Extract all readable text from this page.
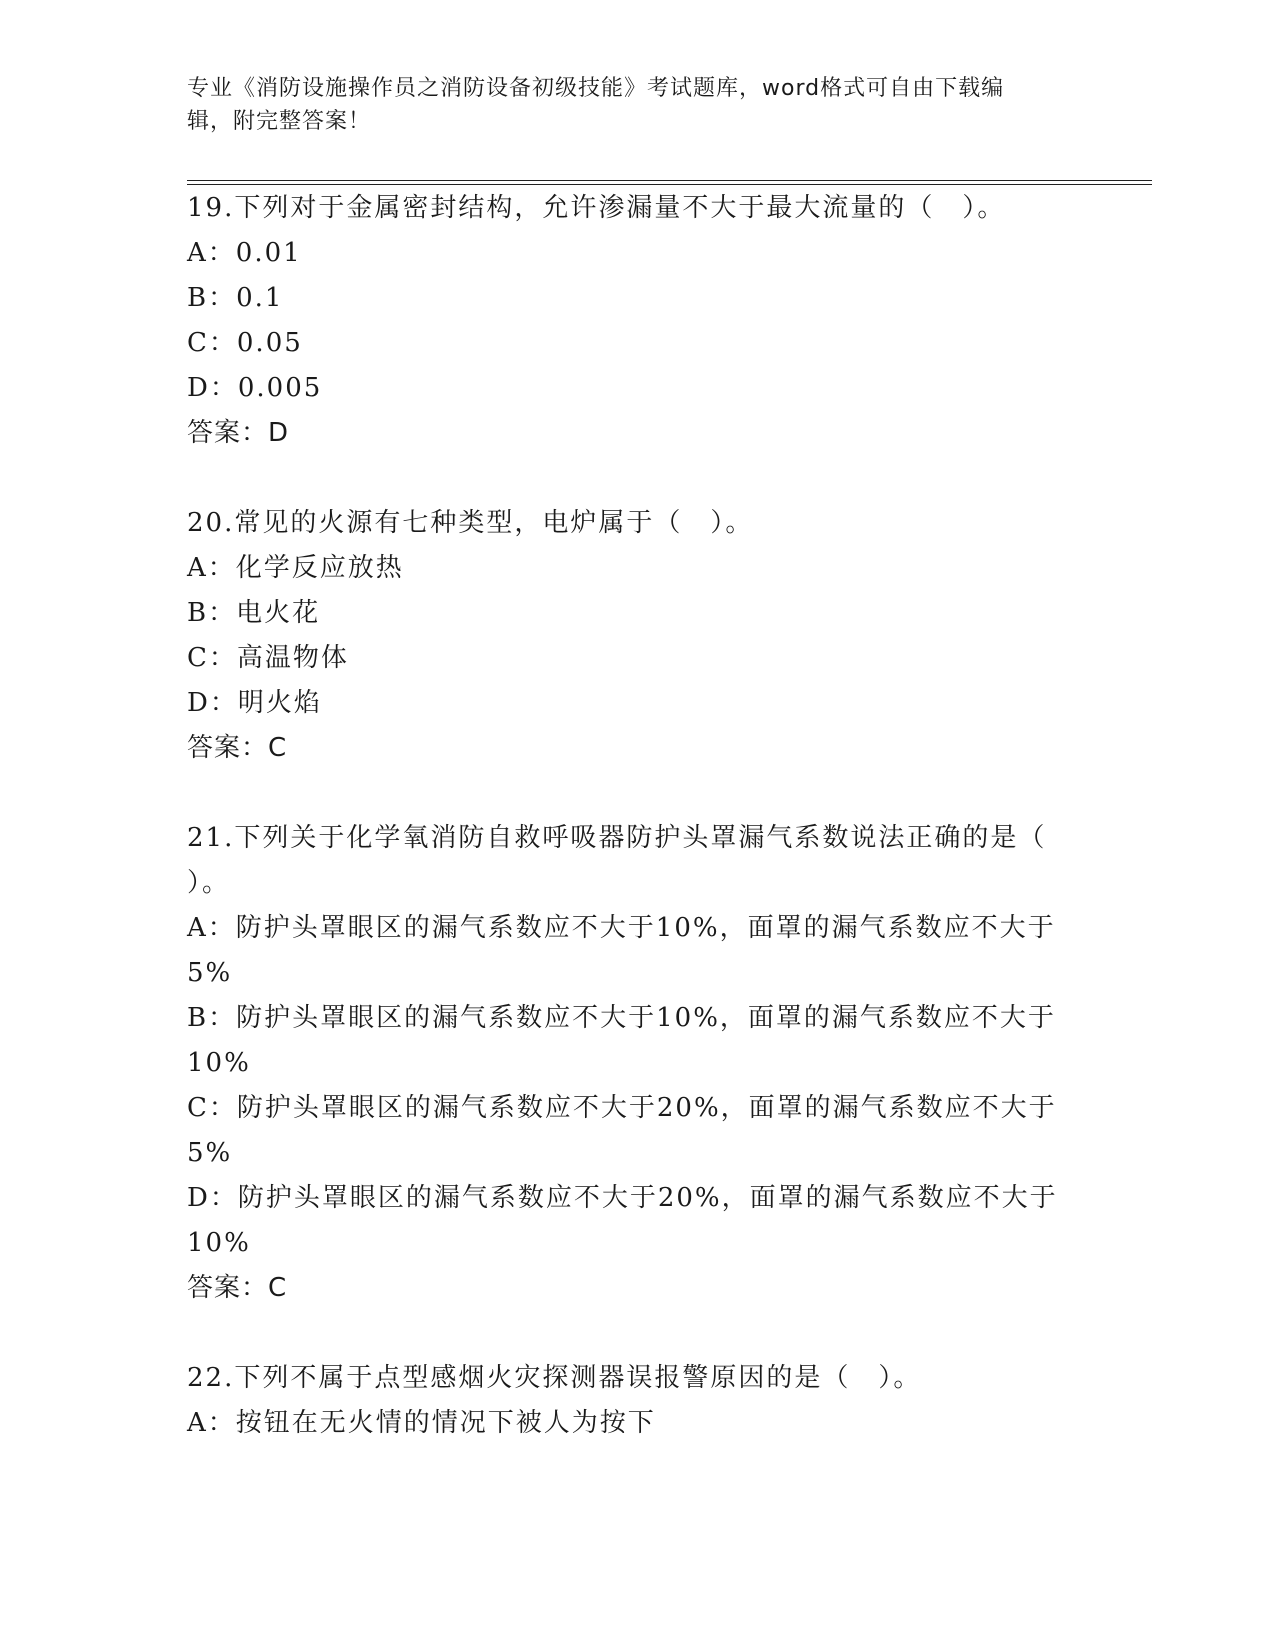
专业《消防设施操作员之消防设备初级技能》考试题库，word格式可自由下载编
辑，附完整答案！
19.下列对于金属密封结构，允许渗漏量不大于最大流量的（　）。
A：0.01
B：0.1
C：0.05
D：0.005
答案：D
20.常见的火源有七种类型，电炉属于（　）。
A：化学反应放热
B：电火花
C：高温物体
D：明火焰
答案：C
21.下列关于化学氧消防自救呼吸器防护头罩漏气系数说法正确的是（
）。
A：防护头罩眼区的漏气系数应不大于10%，面罩的漏气系数应不大于
5%
B：防护头罩眼区的漏气系数应不大于10%，面罩的漏气系数应不大于
10%
C：防护头罩眼区的漏气系数应不大于20%，面罩的漏气系数应不大于
5%
D：防护头罩眼区的漏气系数应不大于20%，面罩的漏气系数应不大于
10%
答案：C
22.下列不属于点型感烟火灾探测器误报警原因的是（　）。
A：按钮在无火情的情况下被人为按下
